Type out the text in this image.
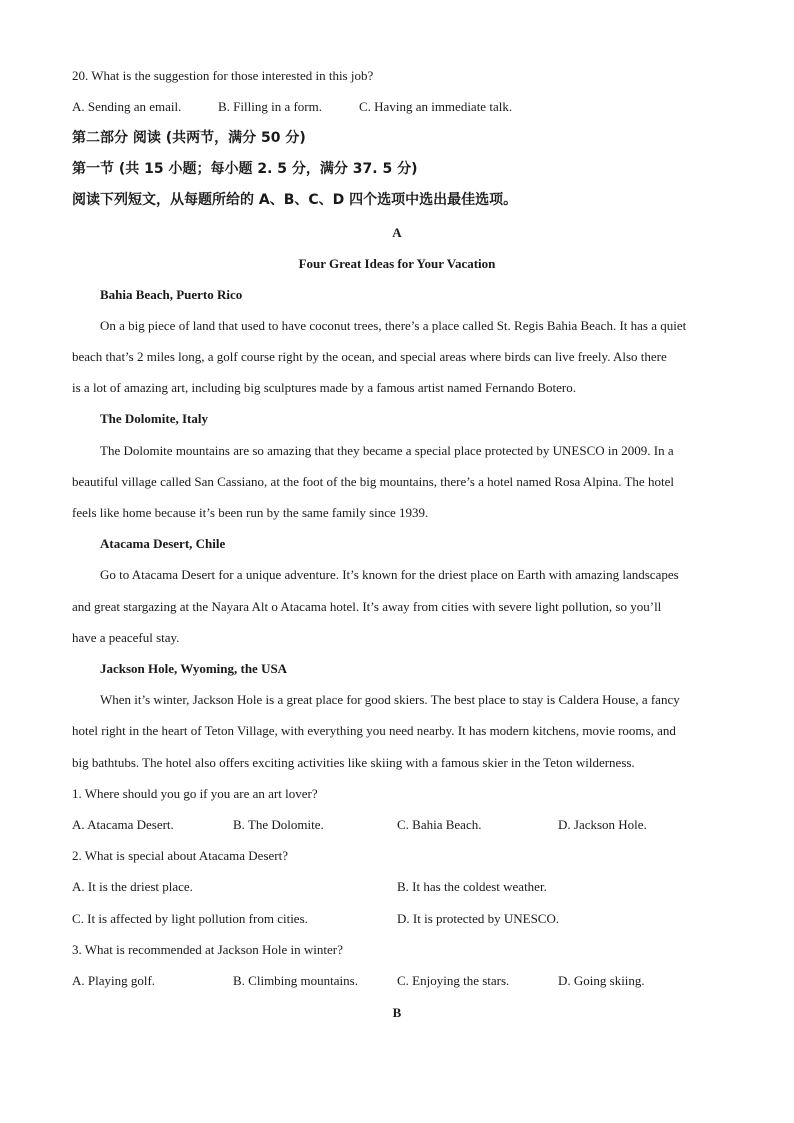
20. What is the suggestion for those interested in this job?
A. Sending an email.	B. Filling in a form.	C. Having an immediate talk.
第二部分 阅读 (共两节，满分 50 分)
第一节 (共 15 小题；每小题 2. 5 分，满分 37. 5 分)
阅读下列短文，从每题所给的 A、B、C、D 四个选项中选出最佳选项。
A
Four Great Ideas for Your Vacation
Bahia Beach, Puerto Rico
On a big piece of land that used to have coconut trees, there’s a place called St. Regis Bahia Beach. It has a quiet
beach that’s 2 miles long, a golf course right by the ocean, and special areas where birds can live freely. Also there
is a lot of amazing art, including big sculptures made by a famous artist named Fernando Botero.
The Dolomite, Italy
The Dolomite mountains are so amazing that they became a special place protected by UNESCO in 2009. In a
beautiful village called San Cassiano, at the foot of the big mountains, there’s a hotel named Rosa Alpina. The hotel
feels like home because it’s been run by the same family since 1939.
Atacama Desert, Chile
Go to Atacama Desert for a unique adventure. It’s known for the driest place on Earth with amazing landscapes
and great stargazing at the Nayara Alt o Atacama hotel. It’s away from cities with severe light pollution, so you’ll
have a peaceful stay.
Jackson Hole, Wyoming, the USA
When it’s winter, Jackson Hole is a great place for good skiers. The best place to stay is Caldera House, a fancy
hotel right in the heart of Teton Village, with everything you need nearby. It has modern kitchens, movie rooms, and
big bathtubs. The hotel also offers exciting activities like skiing with a famous skier in the Teton wilderness.
1. Where should you go if you are an art lover?
A. Atacama Desert.	B. The Dolomite.	C. Bahia Beach.	D. Jackson Hole.
2. What is special about Atacama Desert?
A. It is the driest place.	B. It has the coldest weather.
C. It is affected by light pollution from cities.	D. It is protected by UNESCO.
3. What is recommended at Jackson Hole in winter?
A. Playing golf.	B. Climbing mountains.	C. Enjoying the stars.	D. Going skiing.
B
